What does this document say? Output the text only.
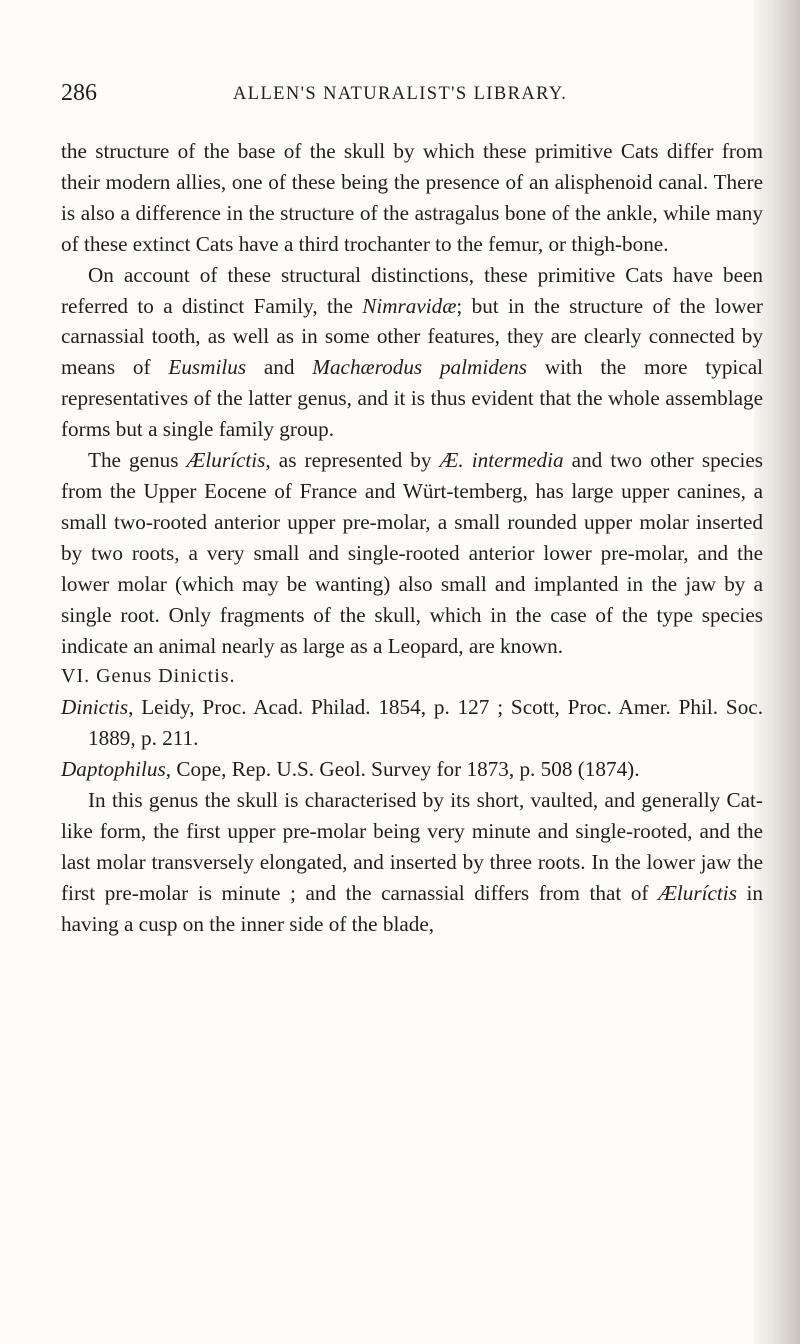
286	ALLEN'S NATURALIST'S LIBRARY.

the structure of the base of the skull by which these primitive Cats differ from their modern allies, one of these being the presence of an alisphenoid canal. There is also a difference in the structure of the astragalus bone of the ankle, while many of these extinct Cats have a third trochanter to the femur, or thigh-bone.

On account of these structural distinctions, these primitive Cats have been referred to a distinct Family, the Nimravidæ; but in the structure of the lower carnassial tooth, as well as in some other features, they are clearly connected by means of Eusmilus and Machærodus palmidens with the more typical representatives of the latter genus, and it is thus evident that the whole assemblage forms but a single family group.

The genus Æluríctis, as represented by Æ. intermedia and two other species from the Upper Eocene of France and Würt-temberg, has large upper canines, a small two-rooted anterior upper pre-molar, a small rounded upper molar inserted by two roots, a very small and single-rooted anterior lower pre-molar, and the lower molar (which may be wanting) also small and implanted in the jaw by a single root. Only fragments of the skull, which in the case of the type species indicate an animal nearly as large as a Leopard, are known.

VI. Genus Dinictis.

Dinictis, Leidy, Proc. Acad. Philad. 1854, p. 127 ; Scott, Proc. Amer. Phil. Soc. 1889, p. 211.

Daptophilus, Cope, Rep. U.S. Geol. Survey for 1873, p. 508 (1874).

In this genus the skull is characterised by its short, vaulted, and generally Cat-like form, the first upper pre-molar being very minute and single-rooted, and the last molar transversely elongated, and inserted by three roots. In the lower jaw the first pre-molar is minute ; and the carnassial differs from that of Æluríctis in having a cusp on the inner side of the blade,
